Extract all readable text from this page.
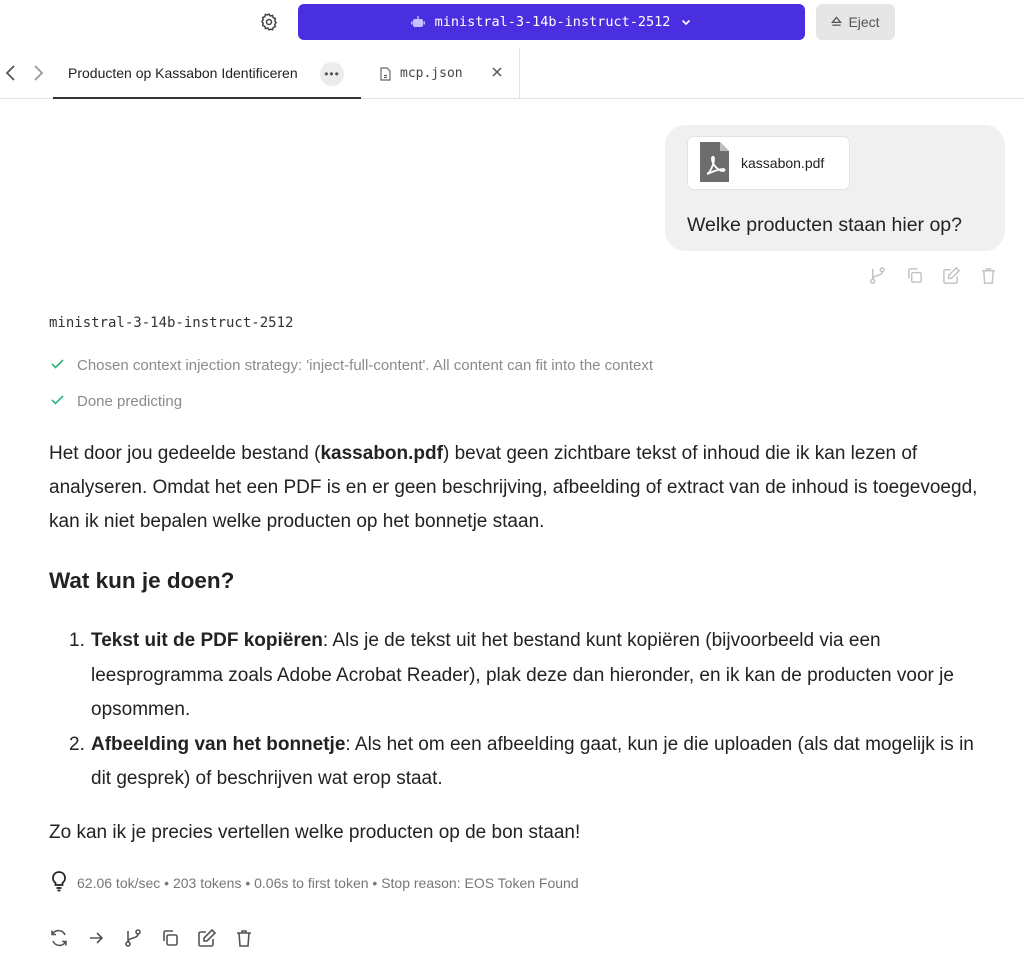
ministral-3-14b-instruct-2512	Eject
Producten op Kassabon Identificeren	•••	mcp.json
kassabon.pdf
Welke producten staan hier op?
ministral-3-14b-instruct-2512
Chosen context injection strategy: 'inject-full-content'. All content can fit into the context
Done predicting
Het door jou gedeelde bestand (kassabon.pdf) bevat geen zichtbare tekst of inhoud die ik kan lezen of analyseren. Omdat het een PDF is en er geen beschrijving, afbeelding of extract van de inhoud is toegevoegd, kan ik niet bepalen welke producten op het bonnetje staan.
Wat kun je doen?
1. Tekst uit de PDF kopiëren: Als je de tekst uit het bestand kunt kopiëren (bijvoorbeeld via een leesprogramma zoals Adobe Acrobat Reader), plak deze dan hieronder, en ik kan de producten voor je opsommen.
2. Afbeelding van het bonnetje: Als het om een afbeelding gaat, kun je die uploaden (als dat mogelijk is in dit gesprek) of beschrijven wat erop staat.
Zo kan ik je precies vertellen welke producten op de bon staan!
62.06 tok/sec • 203 tokens • 0.06s to first token • Stop reason: EOS Token Found
